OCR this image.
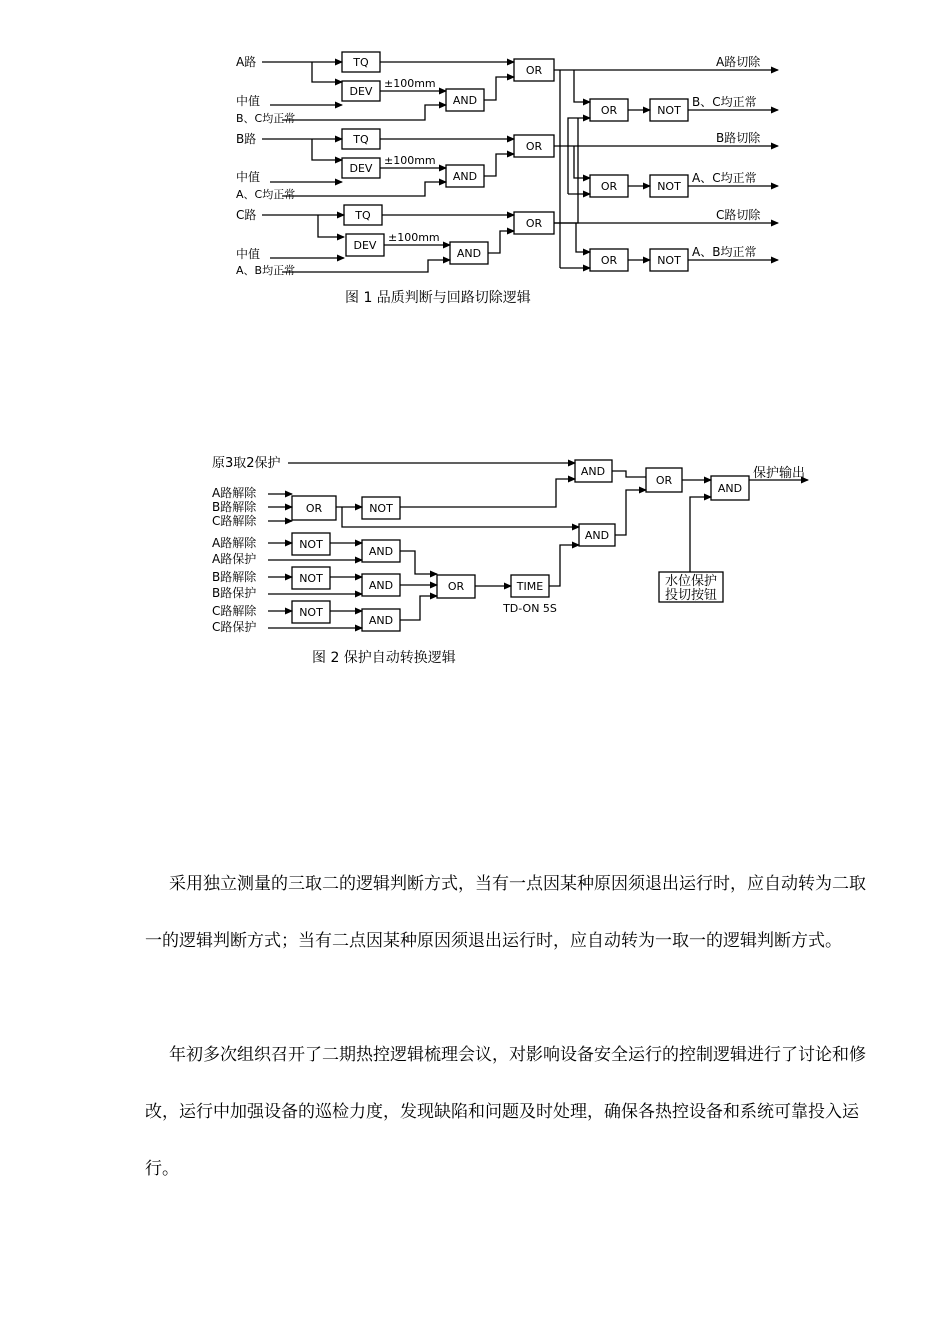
A路
中值
B、C均正常
B路
中值
A、C均正常
C路
中值
A、B均正常
TQ
DEV
AND
OR
OR	NOT
TQ
DEV
AND
OR
OR	NOT
TQ
DEV
AND
OR
OR	NOT
±100mm
±100mm
±100mm
A路切除
B、C均正常
B路切除
A、C均正常
C路切除
A、B均正常
图 1 品质判断与回路切除逻辑
原3取2保护
A路解除
B路解除
C路解除
A路解除
A路保护
B路解除
B路保护
C路解除
C路保护
AND
OR	NOT
AND
OR
AND
NOT
NOT
NOT
AND
AND
AND
OR	TIME
TD-ON 5S
保护输出
水位保护
投切按钮
图 2 保护自动转换逻辑

采用独立测量的三取二的逻辑判断方式，当有一点因某种原因须退出运行时，应自动转为二取一的逻辑判断方式；当有二点因某种原因须退出运行时，应自动转为一取一的逻辑判断方式。

年初多次组织召开了二期热控逻辑梳理会议，对影响设备安全运行的控制逻辑进行了讨论和修改，运行中加强设备的巡检力度，发现缺陷和问题及时处理，确保各热控设备和系统可靠投入运行。
